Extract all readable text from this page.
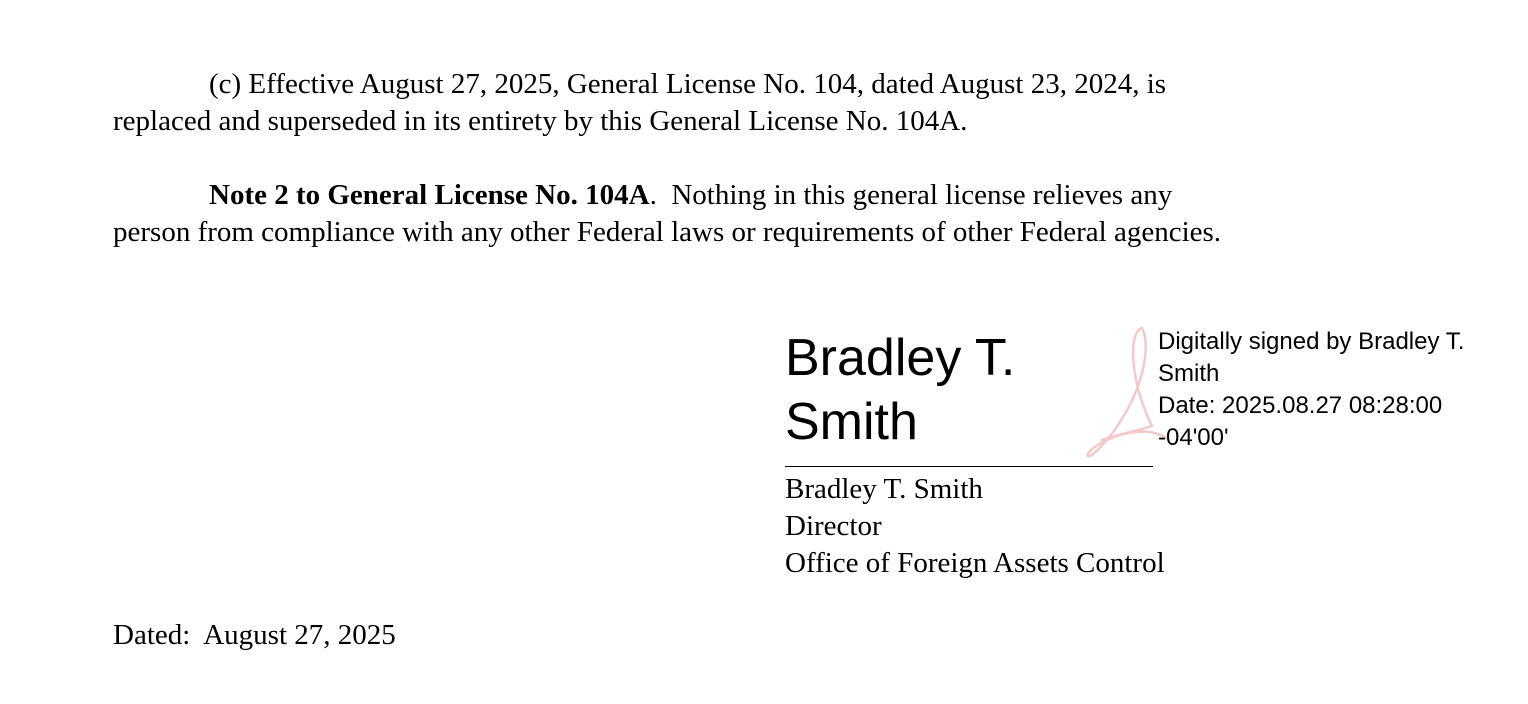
(c) Effective August 27, 2025, General License No. 104, dated August 23, 2024, is
replaced and superseded in its entirety by this General License No. 104A.
Note 2 to General License No. 104A.  Nothing in this general license relieves any
person from compliance with any other Federal laws or requirements of other Federal agencies.
Bradley T.
Smith
Digitally signed by Bradley T.
Smith
Date: 2025.08.27 08:28:00
-04'00'
Bradley T. Smith
Director
Office of Foreign Assets Control
Dated: August 27, 2025
